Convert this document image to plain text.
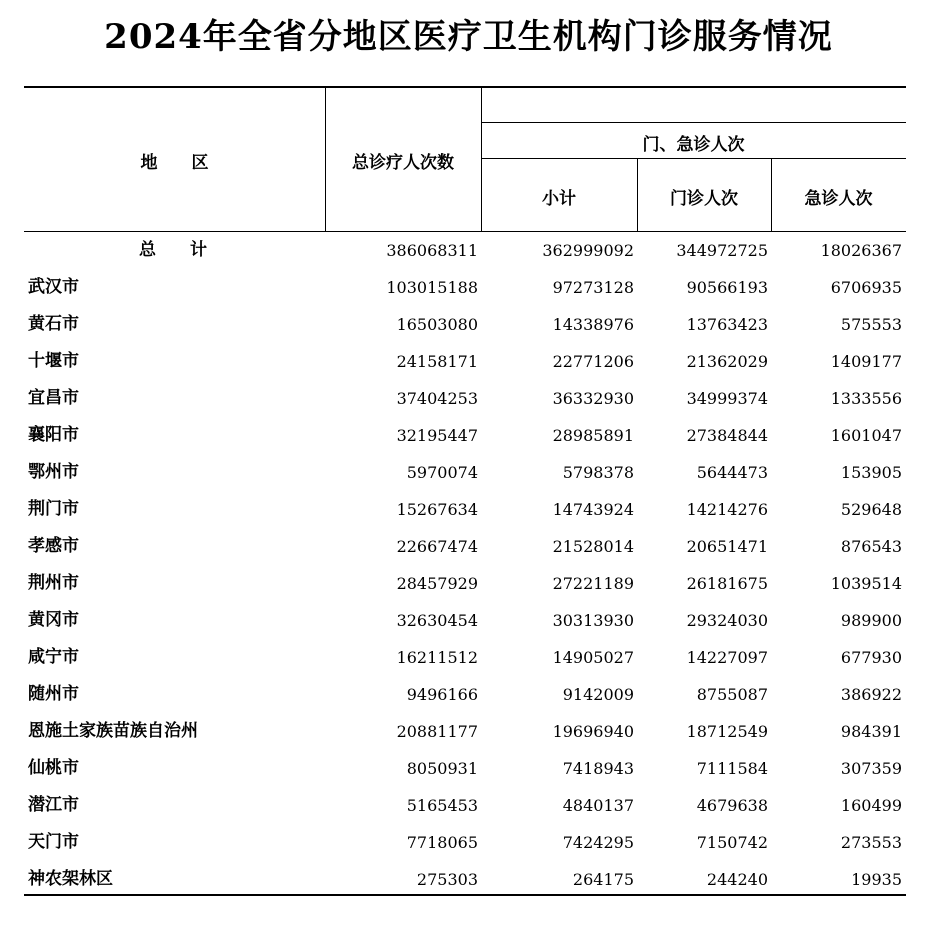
2024年全省分地区医疗卫生机构门诊服务情况
地　　区	总诊疗人次数
门、急诊人次
小计	门诊人次	急诊人次
总　　计	386068311	362999092	344972725	18026367
武汉市	103015188	97273128	90566193	6706935
黄石市	16503080	14338976	13763423	575553
十堰市	24158171	22771206	21362029	1409177
宜昌市	37404253	36332930	34999374	1333556
襄阳市	32195447	28985891	27384844	1601047
鄂州市	5970074	5798378	5644473	153905
荆门市	15267634	14743924	14214276	529648
孝感市	22667474	21528014	20651471	876543
荆州市	28457929	27221189	26181675	1039514
黄冈市	32630454	30313930	29324030	989900
咸宁市	16211512	14905027	14227097	677930
随州市	9496166	9142009	8755087	386922
恩施土家族苗族自治州	20881177	19696940	18712549	984391
仙桃市	8050931	7418943	7111584	307359
潜江市	5165453	4840137	4679638	160499
天门市	7718065	7424295	7150742	273553
神农架林区	275303	264175	244240	19935
